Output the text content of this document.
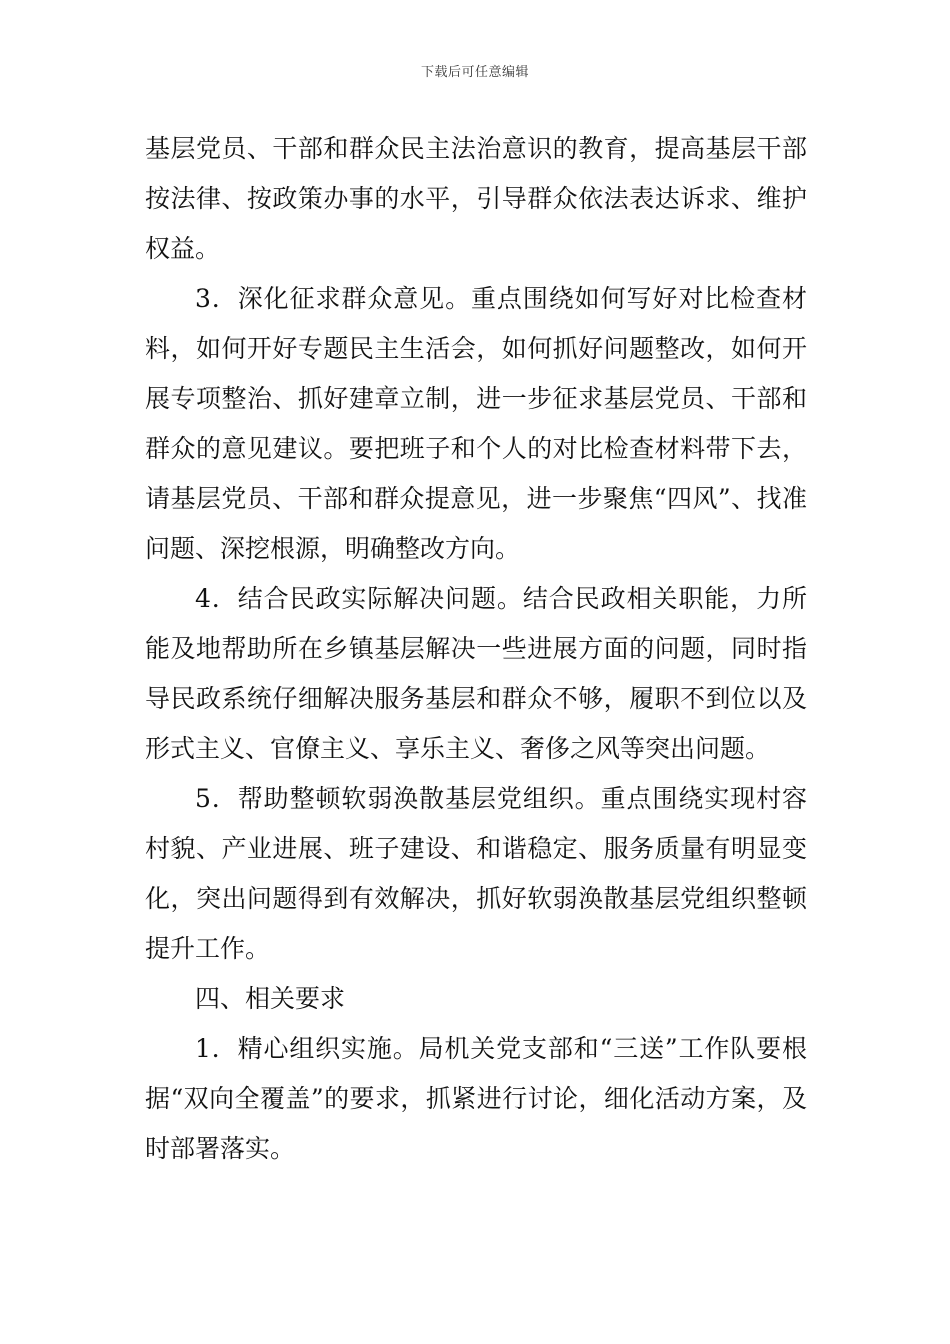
下载后可任意编辑

基层党员、干部和群众民主法治意识的教育，提高基层干部按法律、按政策办事的水平，引导群众依法表达诉求、维护权益。

3．深化征求群众意见。重点围绕如何写好对比检查材料，如何开好专题民主生活会，如何抓好问题整改，如何开展专项整治、抓好建章立制，进一步征求基层党员、干部和群众的意见建议。要把班子和个人的对比检查材料带下去，请基层党员、干部和群众提意见，进一步聚焦“四风”、找准问题、深挖根源，明确整改方向。

4．结合民政实际解决问题。结合民政相关职能，力所能及地帮助所在乡镇基层解决一些进展方面的问题，同时指导民政系统仔细解决服务基层和群众不够，履职不到位以及形式主义、官僚主义、享乐主义、奢侈之风等突出问题。

5．帮助整顿软弱涣散基层党组织。重点围绕实现村容村貌、产业进展、班子建设、和谐稳定、服务质量有明显变化，突出问题得到有效解决，抓好软弱涣散基层党组织整顿提升工作。

四、相关要求

1．精心组织实施。局机关党支部和“三送”工作队要根据“双向全覆盖”的要求，抓紧进行讨论，细化活动方案，及时部署落实。
